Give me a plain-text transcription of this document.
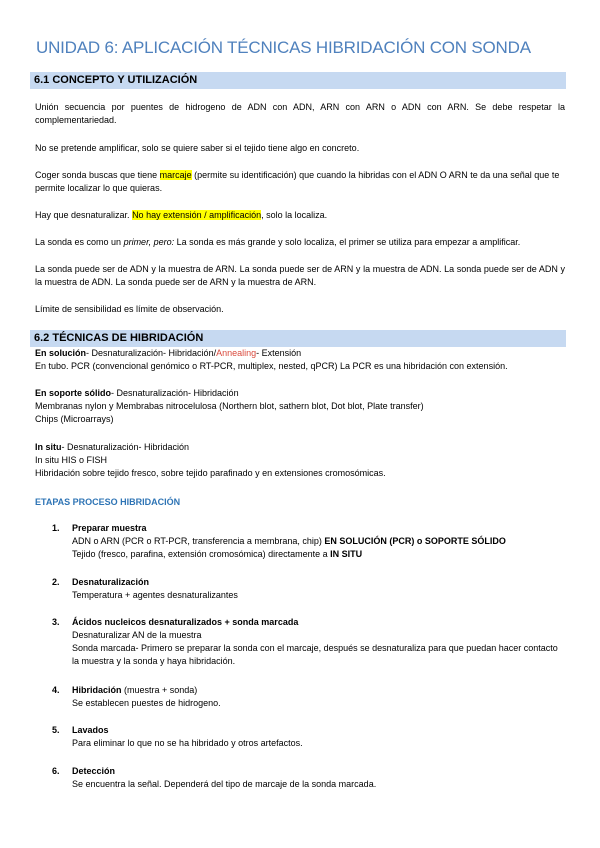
UNIDAD 6: APLICACIÓN TÉCNICAS HIBRIDACIÓN CON SONDA
6.1 CONCEPTO Y UTILIZACIÓN
Unión secuencia por puentes de hidrogeno de ADN con ADN, ARN con ARN o ADN con ARN. Se debe respetar la complementariedad.
No se pretende amplificar, solo se quiere saber si el tejido tiene algo en concreto.
Coger sonda buscas que tiene marcaje (permite su identificación) que cuando la hibridas con el ADN O ARN te da una señal que te permite localizar lo que quieras.
Hay que desnaturalizar. No hay extensión / amplificación, solo la localiza.
La sonda es como un primer, pero: La sonda es más grande y solo localiza, el primer se utiliza para empezar a amplificar.
La sonda puede ser de ADN y la muestra de ARN. La sonda puede ser de ARN y la muestra de ADN. La sonda puede ser de ADN y la muestra de ADN. La sonda puede ser de ARN y la muestra de ARN.
Límite de sensibilidad es límite de observación.
6.2 TÉCNICAS DE HIBRIDACIÓN
En solución- Desnaturalización- Hibridación/Annealing- Extensión
En tubo. PCR (convencional genómico o RT-PCR, multiplex, nested, qPCR) La PCR es una hibridación con extensión.
En soporte sólido- Desnaturalización- Hibridación
Membranas nylon y Membrabas nitrocelulosa (Northern blot, sathern blot, Dot blot, Plate transfer)
Chips (Microarrays)
In situ- Desnaturalización- Hibridación
In situ HIS o FISH
Hibridación sobre tejido fresco, sobre tejido parafinado y en extensiones cromosómicas.
ETAPAS PROCESO HIBRIDACIÓN
1. Preparar muestra
ADN o ARN (PCR o RT-PCR, transferencia a membrana, chip) EN SOLUCIÓN (PCR) o SOPORTE SÓLIDO
Tejido (fresco, parafina, extensión cromosómica) directamente a IN SITU
2. Desnaturalización
Temperatura + agentes desnaturalizantes
3. Ácidos nucleicos desnaturalizados + sonda marcada
Desnaturalizar AN de la muestra
Sonda marcada- Primero se preparar la sonda con el marcaje, después se desnaturaliza para que puedan hacer contacto la muestra y la sonda y haya hibridación.
4. Hibridación (muestra + sonda)
Se establecen puestes de hidrogeno.
5. Lavados
Para eliminar lo que no se ha hibridado y otros artefactos.
6. Detección
Se encuentra la señal. Dependerá del tipo de marcaje de la sonda marcada.
